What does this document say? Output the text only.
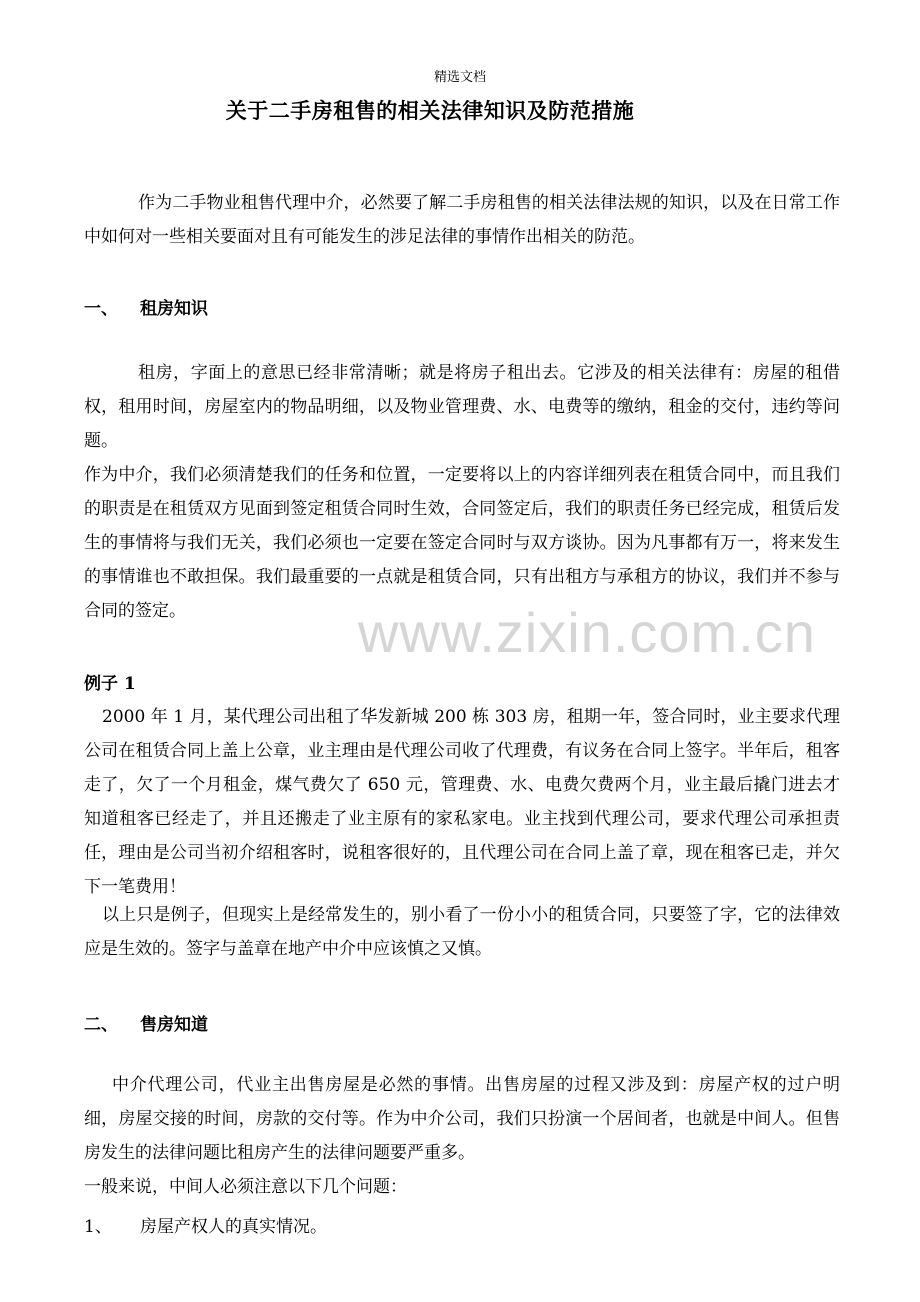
精选文档
关于二手房租售的相关法律知识及防范措施

作为二手物业租售代理中介，必然要了解二手房租售的相关法律法规的知识，以及在日常工作中如何对一些相关要面对且有可能发生的涉足法律的事情作出相关的防范。

一、 租房知识

租房，字面上的意思已经非常清晰；就是将房子租出去。它涉及的相关法律有：房屋的租借权，租用时间，房屋室内的物品明细，以及物业管理费、水、电费等的缴纳，租金的交付，违约等问题。

作为中介，我们必须清楚我们的任务和位置，一定要将以上的内容详细列表在租赁合同中，而且我们的职责是在租赁双方见面到签定租赁合同时生效，合同签定后，我们的职责任务已经完成，租赁后发生的事情将与我们无关，我们必须也一定要在签定合同时与双方谈协。因为凡事都有万一，将来发生的事情谁也不敢担保。我们最重要的一点就是租赁合同，只有出租方与承租方的协议，我们并不参与合同的签定。	www.zixin.com.cn
例子 1

2000 年 1 月，某代理公司出租了华发新城 200 栋 303 房，租期一年，签合同时，业主要求代理公司在租赁合同上盖上公章，业主理由是代理公司收了代理费，有议务在合同上签字。半年后，租客走了，欠了一个月租金，煤气费欠了 650 元，管理费、水、电费欠费两个月，业主最后撬门进去才知道租客已经走了，并且还搬走了业主原有的家私家电。业主找到代理公司，要求代理公司承担责任，理由是公司当初介绍租客时，说租客很好的，且代理公司在合同上盖了章，现在租客已走，并欠下一笔费用！

以上只是例子，但现实上是经常发生的，别小看了一份小小的租赁合同，只要签了字，它的法律效应是生效的。签字与盖章在地产中介中应该慎之又慎。

二、 售房知道

中介代理公司，代业主出售房屋是必然的事情。出售房屋的过程又涉及到：房屋产权的过户明细，房屋交接的时间，房款的交付等。作为中介公司，我们只扮演一个居间者，也就是中间人。但售房发生的法律问题比租房产生的法律问题要严重多。

一般来说，中间人必须注意以下几个问题：

1、 房屋产权人的真实情况。
